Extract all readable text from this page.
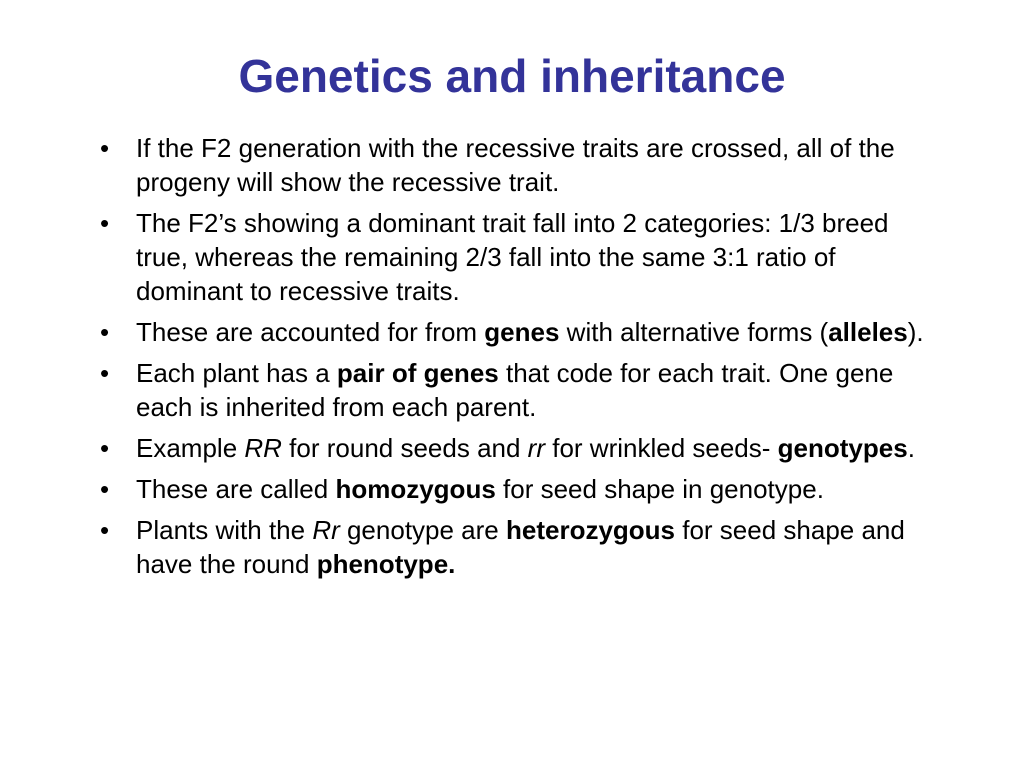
Genetics and inheritance
• If the F2 generation with the recessive traits are crossed, all of the progeny will show the recessive trait.
• The F2’s showing a dominant trait fall into 2 categories: 1/3 breed true, whereas the remaining 2/3 fall into the same 3:1 ratio of dominant to recessive traits.
• These are accounted for from genes with alternative forms (alleles).
• Each plant has a pair of genes that code for each trait. One gene each is inherited from each parent.
• Example RR for round seeds and rr for wrinkled seeds- genotypes.
• These are called homozygous for seed shape in genotype.
• Plants with the Rr genotype are heterozygous for seed shape and have the round phenotype.
